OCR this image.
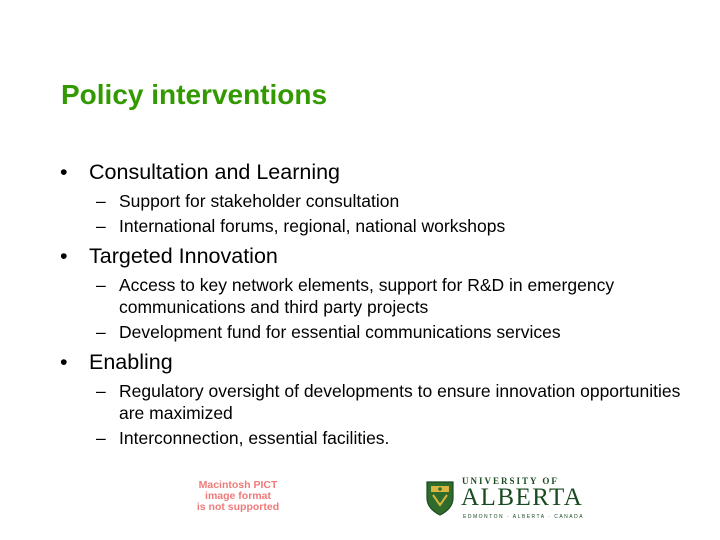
Policy interventions

• Consultation and Learning

– Support for stakeholder consultation

– International forums, regional, national workshops

• Targeted Innovation

– Access to key network elements, support for R&D in emergency communications and third party projects

– Development fund for essential communications services

• Enabling

– Regulatory oversight of developments to ensure innovation opportunities are maximized

– Interconnection, essential facilities.

Macintosh PICT
image format
is not supported
UNIVERSITY OF
ALBERTA
EDMONTON · ALBERTA · CANADA
